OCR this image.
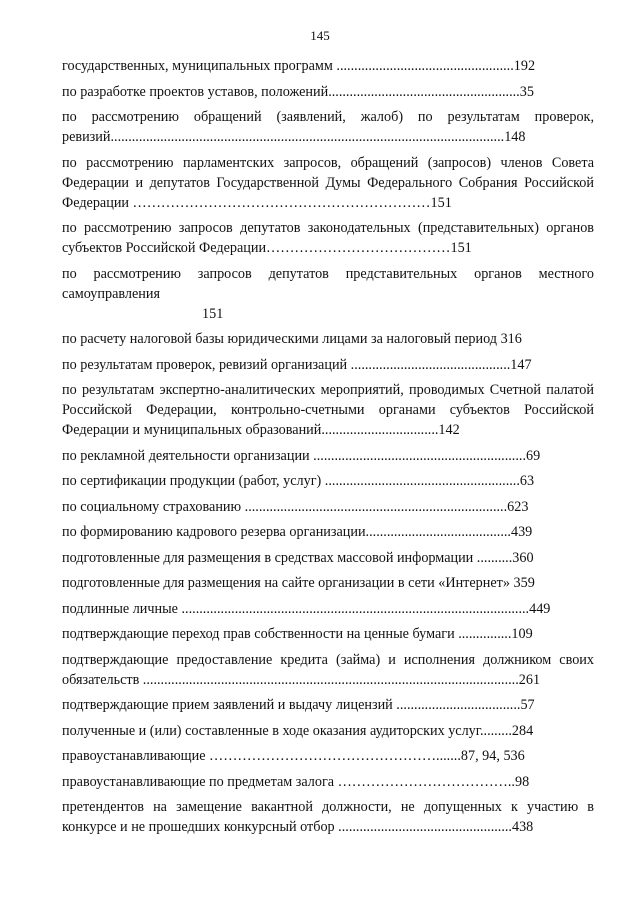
145
государственных, муниципальных программ ..................................................192
по разработке проектов уставов, положений......................................................35
по рассмотрению обращений (заявлений, жалоб) по результатам проверок, ревизий...............................................................................................................148
по рассмотрению парламентских запросов, обращений (запросов) членов Совета Федерации и депутатов Государственной Думы Федерального Собрания Российской Федерации ………………………………………………………151
по рассмотрению запросов депутатов законодательных (представительных) органов субъектов Российской Федерации…………………………………151
по рассмотрению запросов депутатов представительных органов местного самоуправления
151
по расчету налоговой базы юридическими лицами за налоговый период 316
по результатам проверок, ревизий организаций .............................................147
по результатам экспертно-аналитических мероприятий, проводимых Счетной палатой Российской Федерации, контрольно-счетными органами субъектов Российской Федерации и муниципальных образований.................................142
по рекламной деятельности организации ............................................................69
по сертификации продукции (работ, услуг) .......................................................63
по социальному страхованию ..........................................................................623
по формированию кадрового резерва организации.........................................439
подготовленные для размещения в средствах массовой информации ..........360
подготовленные для размещения на сайте организации в сети «Интернет» 359
подлинные личные ..................................................................................................449
подтверждающие переход прав собственности на ценные бумаги ...............109
подтверждающие предоставление кредита (займа) и исполнения должником своих обязательств ..........................................................................................................261
подтверждающие прием заявлений и выдачу лицензий ...................................57
полученные и (или) составленные в ходе оказания аудиторских услуг.........284
правоустанавливающие ………………………………………….......87, 94, 536
правоустанавливающие по предметам залога ………………………………..98
претендентов на замещение вакантной должности, не допущенных к участию в конкурсе и не прошедших конкурсный отбор .................................................438
